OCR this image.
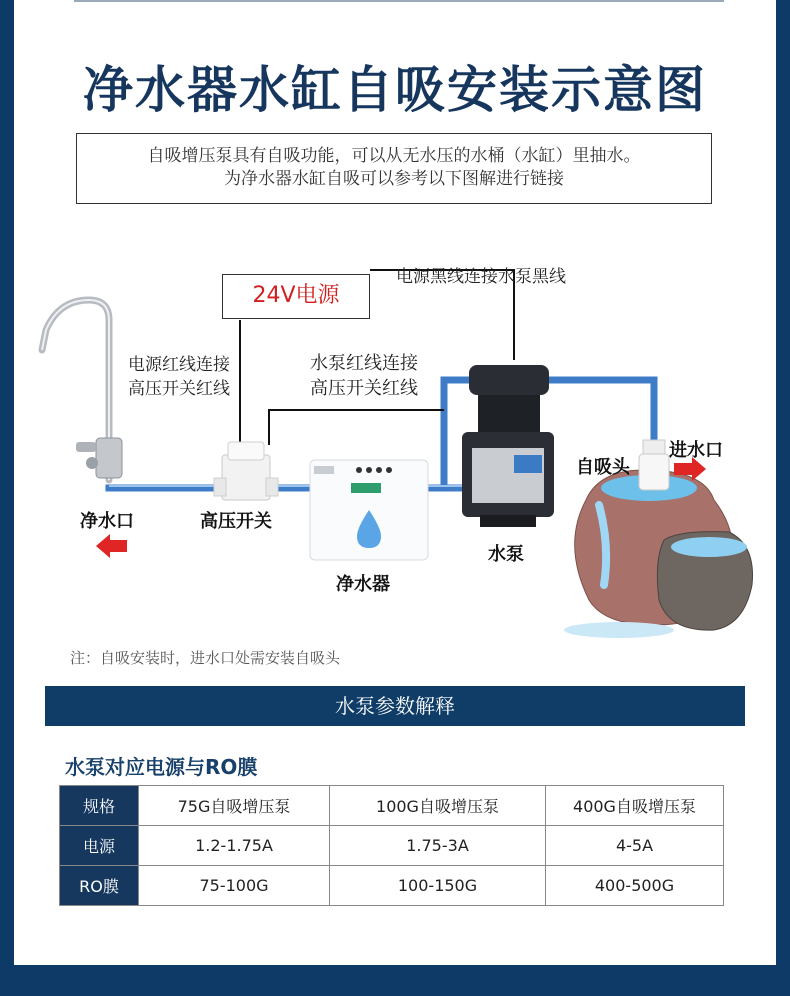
净水器水缸自吸安装示意图
自吸增压泵具有自吸功能，可以从无水压的水桶（水缸）里抽水。
为净水器水缸自吸可以参考以下图解进行链接
24V电源
电源黑线连接水泵黑线
电源红线连接
高压开关红线
水泵红线连接
高压开关红线
净水口	高压开关
净水器
水泵
自吸头
进水口
注：自吸安装时，进水口处需安装自吸头
水泵参数解释
水泵对应电源与RO膜
规格	75G自吸增压泵	100G自吸增压泵	400G自吸增压泵
电源	1.2-1.75A	1.75-3A	4-5A
RO膜	75-100G	100-150G	400-500G
